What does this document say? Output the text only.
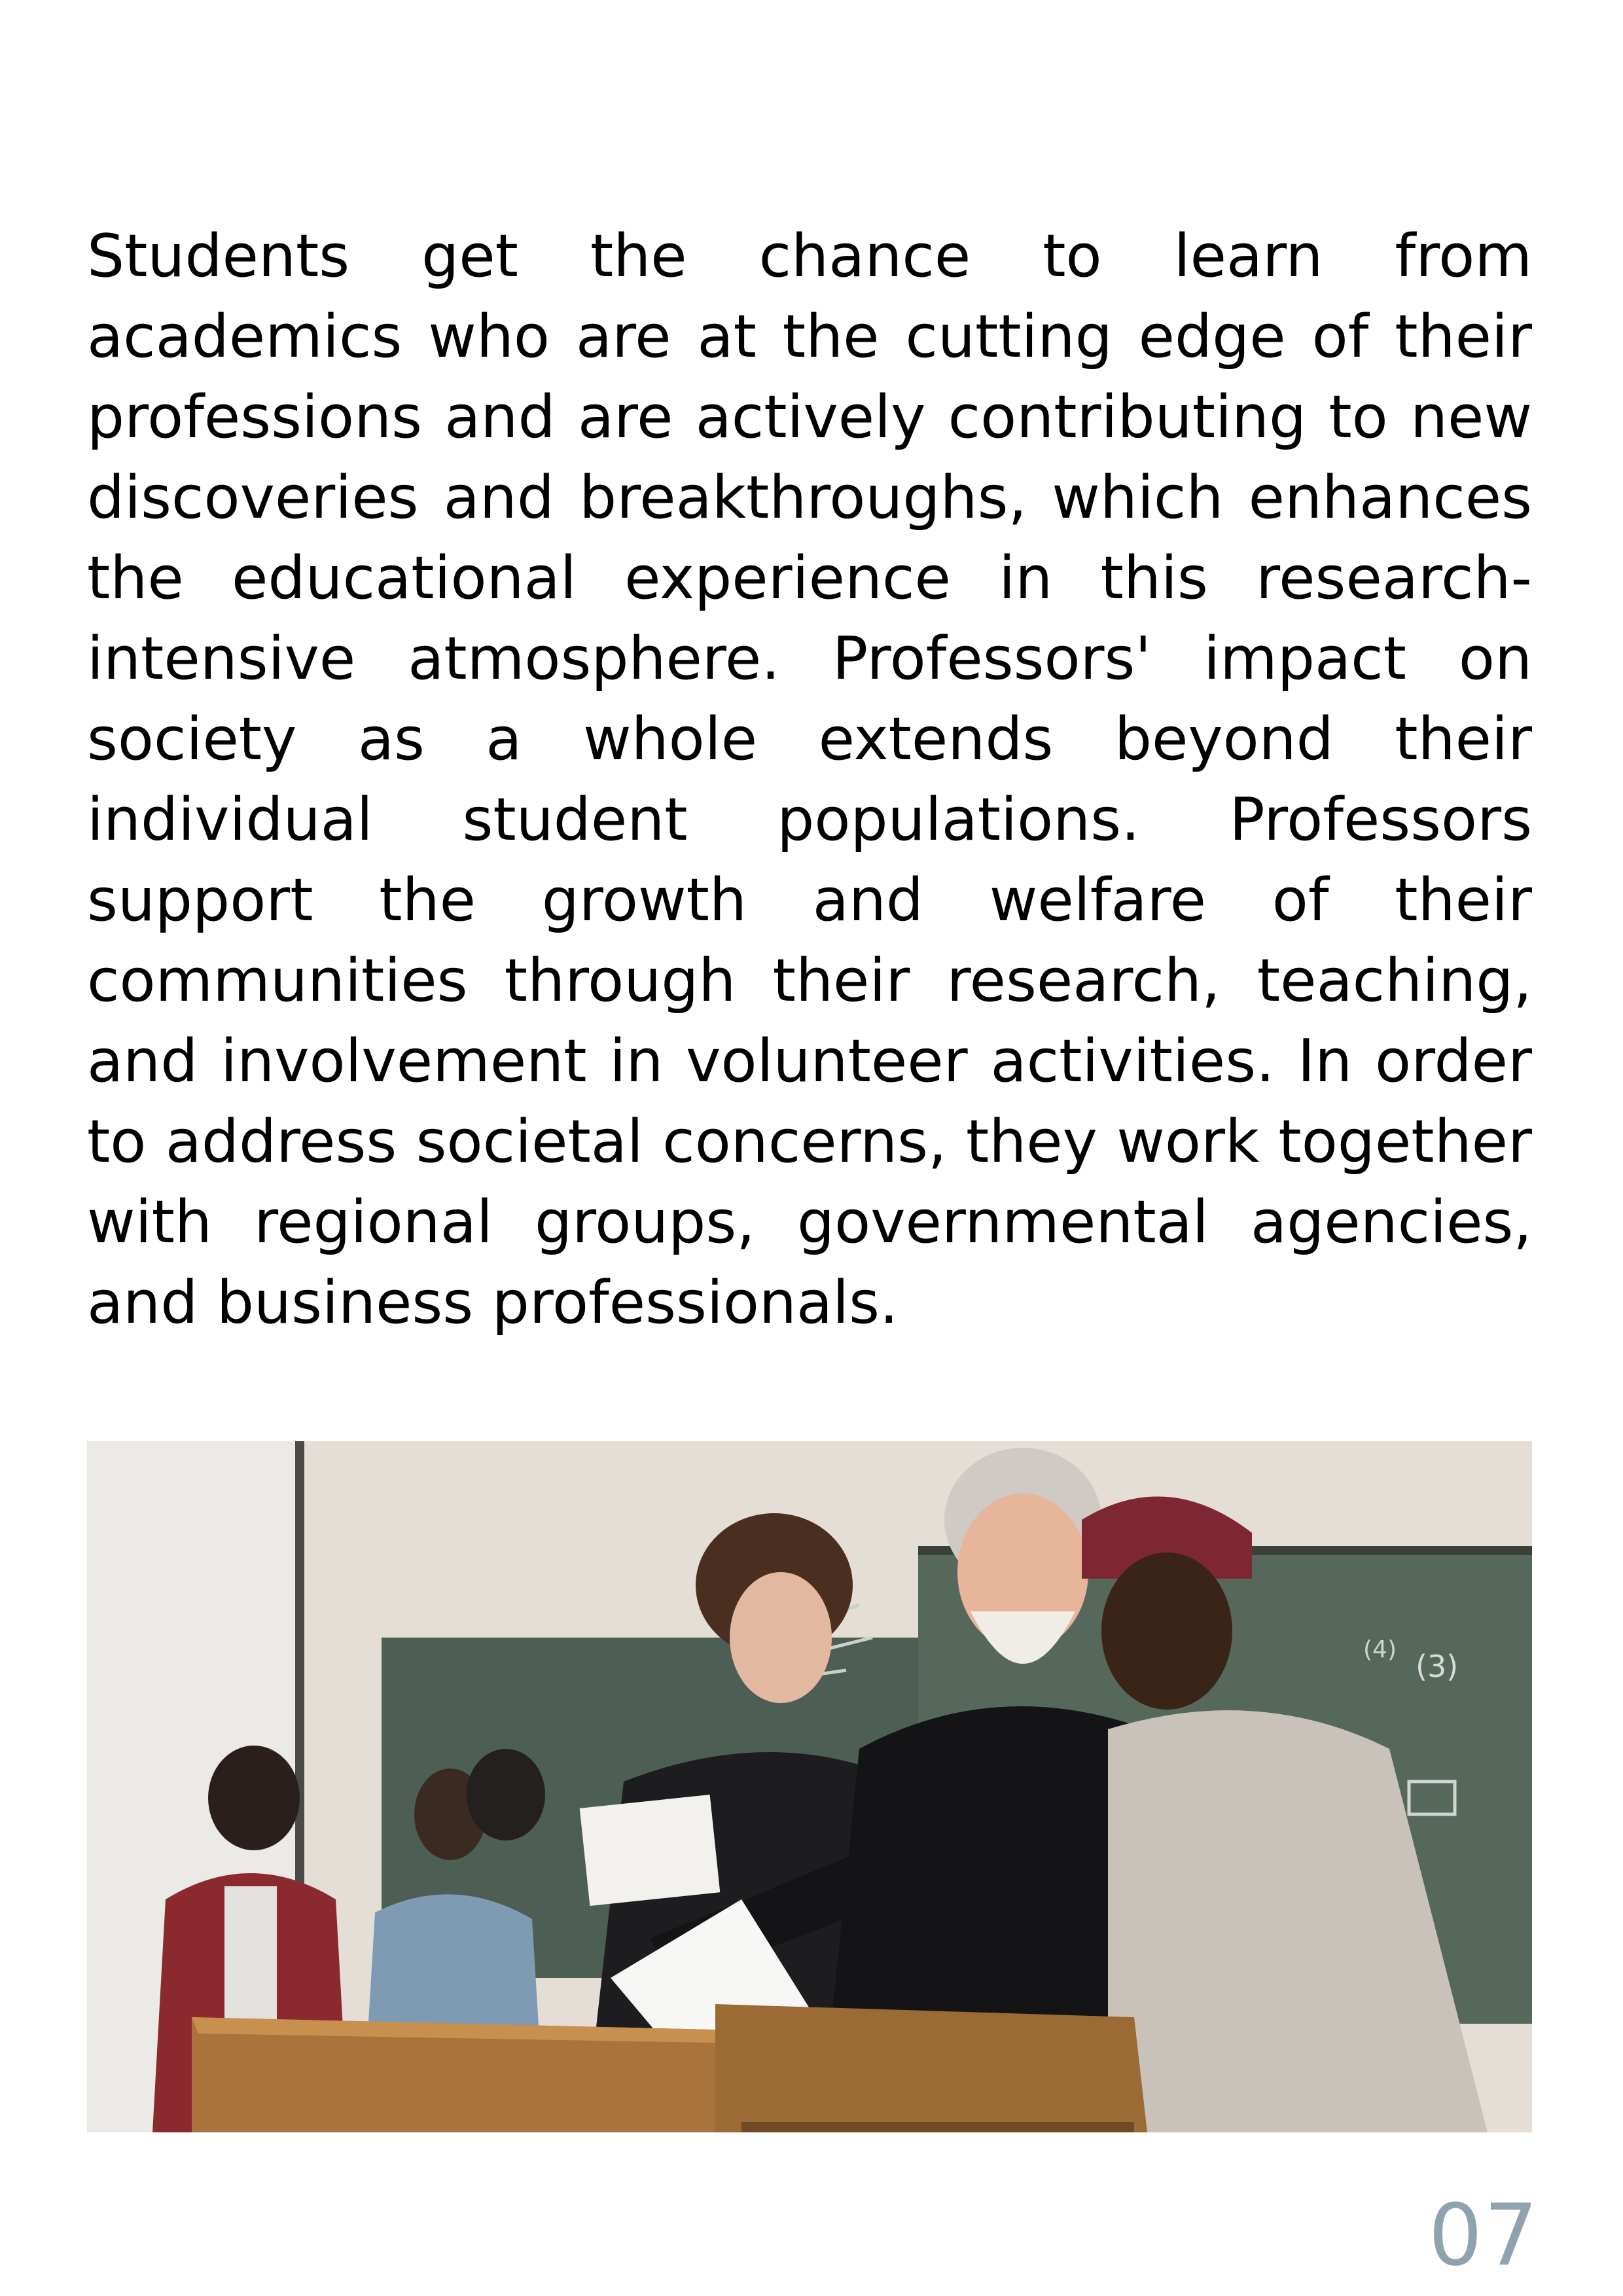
Students get the chance to learn from academics who are at the cutting edge of their professions and are actively contributing to new discoveries and breakthroughs, which enhances the educational experience in this research-intensive atmosphere. Professors' impact on society as a whole extends beyond their individual student populations. Professors support the growth and welfare of their communities through their research, teaching, and involvement in volunteer activities. In order to address societal concerns, they work together with regional groups, governmental agencies, and business professionals.

(3)
(4)
07
